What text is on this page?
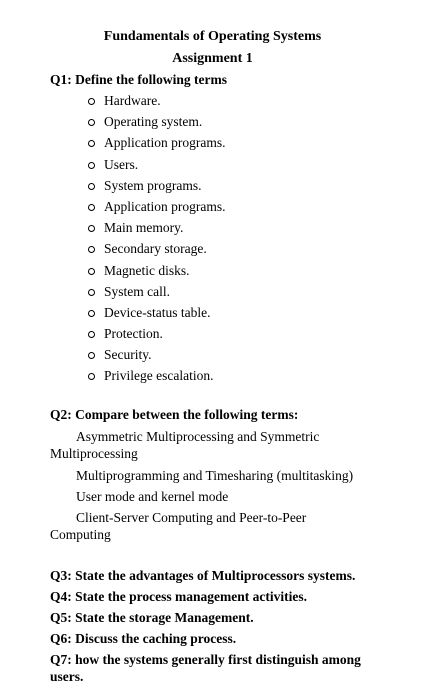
Fundamentals of Operating Systems
Assignment 1
Q1: Define the following terms
Hardware.
Operating system.
Application programs.
Users.
System programs.
Application programs.
Main memory.
Secondary storage.
Magnetic disks.
System call.
Device-status table.
Protection.
Security.
Privilege escalation.
Q2: Compare between the following terms:
Asymmetric Multiprocessing and Symmetric Multiprocessing
Multiprogramming and Timesharing (multitasking)
User mode and kernel mode
Client-Server Computing and Peer-to-Peer Computing
Q3: State the advantages of Multiprocessors systems.
Q4: State the process management activities.
Q5: State the storage Management.
Q6: Discuss the caching process.
Q7: how the systems generally first distinguish among users.
